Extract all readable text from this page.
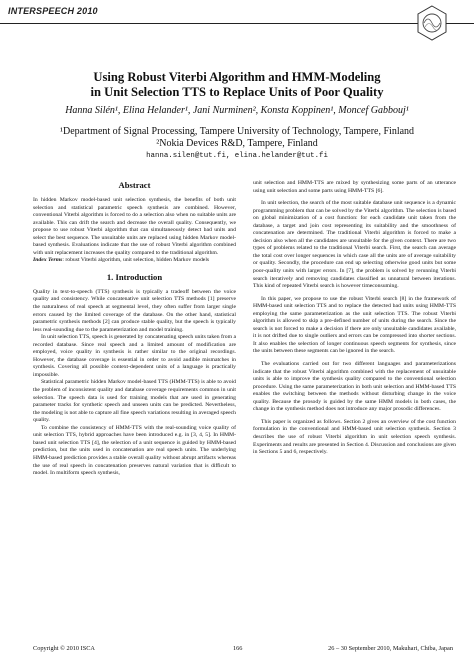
INTERSPEECH 2010
Using Robust Viterbi Algorithm and HMM-Modeling
in Unit Selection TTS to Replace Units of Poor Quality
Hanna Silén¹, Elina Helander¹, Jani Nurminen², Konsta Koppinen¹, Moncef Gabbouj¹
¹Department of Signal Processing, Tampere University of Technology, Tampere, Finland
²Nokia Devices R&D, Tampere, Finland
hanna.silen@tut.fi, elina.helander@tut.fi
Abstract

In hidden Markov model-based unit selection synthesis, the benefits of both unit selection and statistical parametric speech synthesis are combined. However, conventional Viterbi algorithm is forced to do a selection also when no suitable units are available. This can drift the search and decrease the overall quality. Consequently, we propose to use robust Viterbi algorithm that can simultaneously detect bad units and select the best sequence. The unsuitable units are replaced using hidden Markov model-based synthesis. Evaluations indicate that the use of robust Viterbi algorithm combined with unit replacement increases the quality compared to the traditional algorithm.

Index Terms: robust Viterbi algorithm, unit selection, hidden Markov models

1. Introduction

Quality in text-to-speech (TTS) synthesis is typically a tradeoff between the voice quality and consistency. While concatenative unit selection TTS methods [1] preserve the naturalness of real speech at segmental level, they often suffer from larger single errors caused by the limited coverage of the database. On the other hand, statistical parametric synthesis methods [2] can produce stable quality, but the speech is typically less real-sounding due to the parameterization and model training.

In unit selection TTS, speech is generated by concatenating speech units taken from a recorded database. Since real speech and a limited amount of modification are employed, voice quality in synthesis is rather similar to the original recordings. However, the database coverage is essential in order to avoid audible mismatches in synthesis. Covering all possible context-dependent units of a language is practically impossible.

Statistical parametric hidden Markov model-based TTS (HMM-TTS) is able to avoid the problem of inconsistent quality and database coverage requirements common in unit selection. The speech data is used for training models that are used in generating parameter tracks for synthetic speech and unseen units can be predicted. Nevertheless, the modeling is not able to capture all fine speech variations resulting in averaged speech quality.

To combine the consistency of HMM-TTS with the real-sounding voice quality of unit selection TTS, hybrid approaches have been introduced e.g. in [3, 4, 5]. In HMM-based unit selection TTS [4], the selection of a unit sequence is guided by HMM-based prediction, but the units used in concatenation are real speech units. The underlying HMM-based prediction provides a stable overall quality without abrupt artifacts whereas the use of real speech in concatenation preserves natural variation that is difficult to model. In multiform speech synthesis,

unit selection and HMM-TTS are mixed by synthesizing some parts of an utterance using unit selection and some parts using HMM-TTS [6].

In unit selection, the search of the most suitable database unit sequence is a dynamic programming problem that can be solved by the Viterbi algorithm. The selection is based on global minimization of a cost function: for each candidate unit taken from the database, a target and join cost representing its suitability and the smoothness of concatenation are determined. The traditional Viterbi algorithm is forced to make a decision also when all the candidates are unsuitable for the given context. There are two types of problems related to the traditional Viterbi search. First, the search can average the total cost over longer sequences in which case all the units are of average suitability or quality. Secondly, the procedure can end up selecting otherwise good units but some poor-quality units with larger errors. In [7], the problem is solved by rerunning Viterbi search iteratively and removing candidates classified as unnatural between iterations. This kind of repeated Viterbi search is however timeconsuming.

In this paper, we propose to use the robust Viterbi search [8] in the framework of HMM-based unit selection TTS and to replace the detected bad units using HMM-TTS employing the same parameterization as the unit selection TTS. The robust Viterbi algorithm is allowed to skip a pre-defined number of units during the search. Since the search is not forced to make a decision if there are only unsuitable candidates available, it is not drifted due to single outliers and errors can be compressed into shorter sections. It also enables the selection of longer continuous speech segments for synthesis, since the units between these segments can be ignored in the search.

The evaluations carried out for two different languages and parameterizations indicate that the robust Viterbi algorithm combined with the replacement of unsuitable units is able to improve the synthesis quality compared to the conventional selection procedure. Using the same parameterization in both unit selection and HMM-based TTS enables the switching between the methods without disturbing change in the voice quality. Because the prosody is guided by the same HMM models in both cases, the change in the synthesis method does not introduce any major prosodic differences.

This paper is organized as follows. Section 2 gives an overview of the cost function formulation in the conventional and HMM-based unit selection synthesis. Section 3 describes the use of robust Viterbi algorithm in unit selection speech synthesis. Experiments and results are presented in Section 4. Discussion and conclusions are given in Sections 5 and 6, respectively.

Copyright © 2010 ISCA	166	26 – 30 September 2010, Makuhari, Chiba, Japan
